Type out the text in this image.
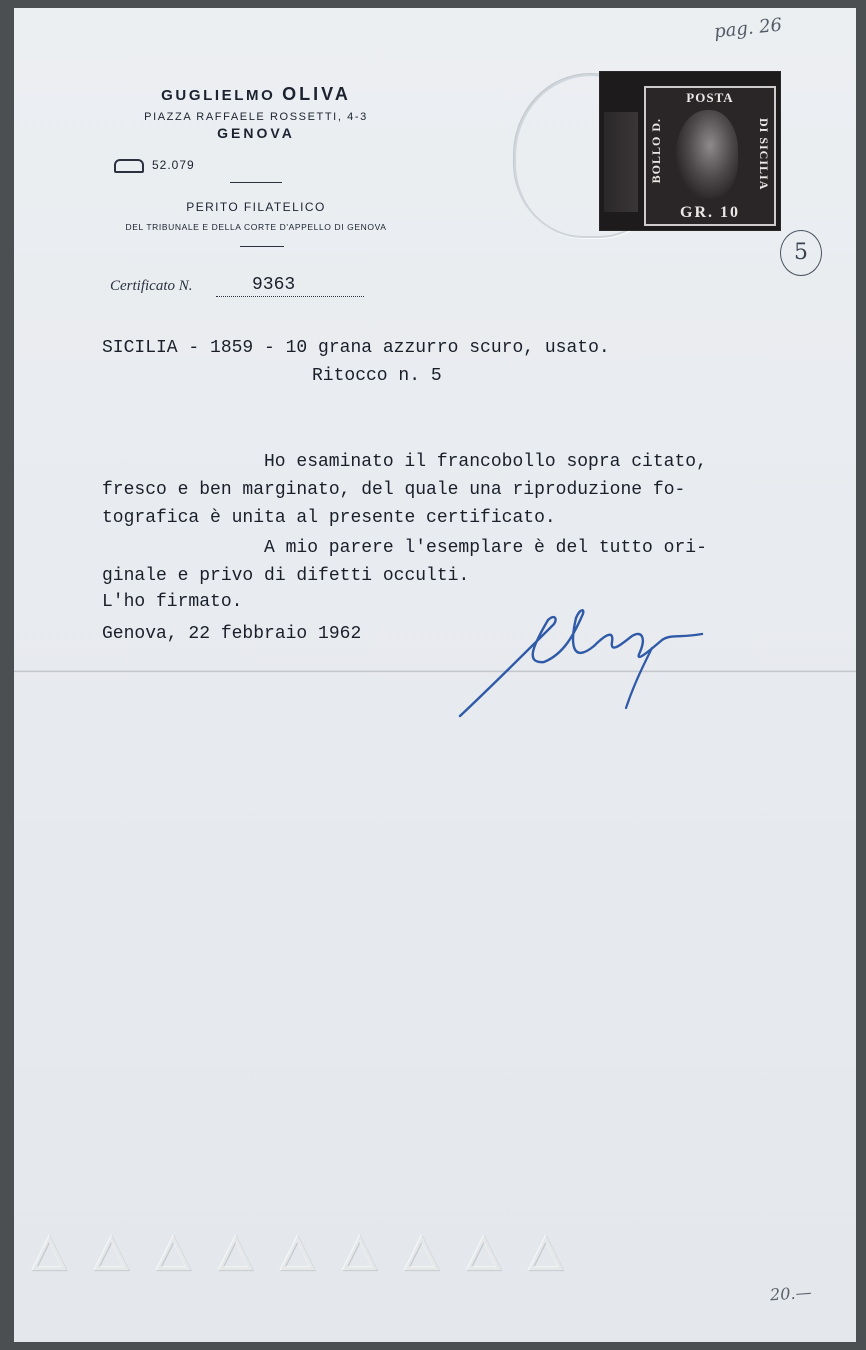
pag. 26
GUGLIELMO OLIVA
PIAZZA RAFFAELE ROSSETTI, 4-3
GENOVA
52.079
PERITO FILATELICO
DEL TRIBUNALE E DELLA CORTE D'APPELLO DI GENOVA
POSTA
BOLLO D.	DI SICILIA
GR. 10
5
Certificato N.	9363
SICILIA - 1859 - 10 grana azzurro scuro, usato.
Ritocco n. 5
Ho esaminato il francobollo sopra citato,
fresco e ben marginato, del quale una riproduzione fo-
tografica è unita al presente certificato.
A mio parere l'esemplare è del tutto ori-
ginale e privo di difetti occulti.
L'ho firmato.
Genova, 22 febbraio 1962
△ △ △ △ △ △ △ △ △
20.—
